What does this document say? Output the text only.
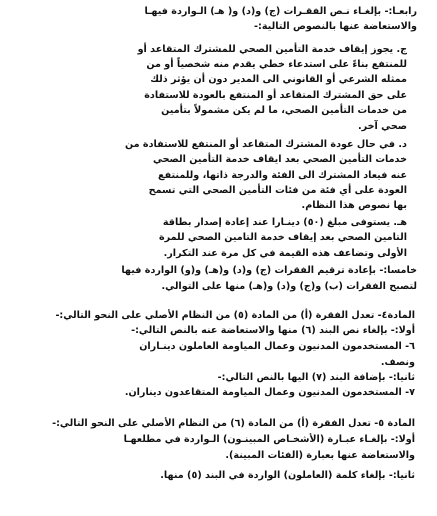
رابعـا:- بإلغـاء نـص الفقـرات (ج) و(د) و( هـ) الـواردة فيهـا
والاستعاضة عنها بالنصوص التالية:-
ج. يجوز إيقاف خدمة التأمين الصحي للمشترك المتقاعد أو
للمنتفع بناءً على استدعاء خطي يقدم منه شخصياً أو من
ممثله الشرعي أو القانوني الى المدير دون أن يؤثر ذلك
على حق المشترك المتقاعد أو المنتفع بالعودة للاستفادة
من خدمات التأمين الصحي، ما لم يكن مشمولاً بتأمين
صحي آخر.
د. في حال عودة المشترك المتقاعد أو المنتفع للاستفادة من
خدمات التأمين الصحي بعد ايقاف خدمة التأمين الصحي
عنه فيعاد المشترك الى الفئة والدرجة ذاتها، وللمنتفع
العودة على أي فئة من فئات التأمين الصحي التي تسمح
بها نصوص هذا النظام.
هـ. يستوفى مبلغ (٥٠) دينـارا عند إعادة إصدار بطاقة
التامين الصحي بعد إيقاف خدمة التامين الصحي للمرة
الأولى وتضاعف هذه القيمة في كل مرة عند التكرار.
خامسا:- بإعادة ترقيم الفقرات (ج) و(د) و(هـ) و(و) الواردة فيها
لتصبح الفقرات (ب) و(ج) و(د) و(هـ) منها على التوالي.
المادة٤- تعدل الفقرة (أ) من المادة (٥) من النظام الأصلي على النحو التالي:-
أولا:- بإلغاء نص البند (٦) منها والاستعاضة عنه بالنص التالي:-
٦- المستخدمون المدنيون وعمال المياومة العاملون دينـاران
ونصف.
ثانيا:- بإضافة البند (٧) اليها بالنص التالي:-
٧- المستخدمون المدنيون وعمال المياومة المتقاعدون ديناران.
المادة ٥- تعدل الفقرة (أ) من المادة (٦) من النظام الأصلي على النحو التالي:-
أولا:- بإلغـاء عبـارة (الأشخـاص المبينـون) الـواردة في مطلعهـا
والاستعاضة عنها بعبارة (الفئات المبينة).
ثانيا:- بإلغاء كلمة (العاملون) الواردة في البند (٥) منها.
